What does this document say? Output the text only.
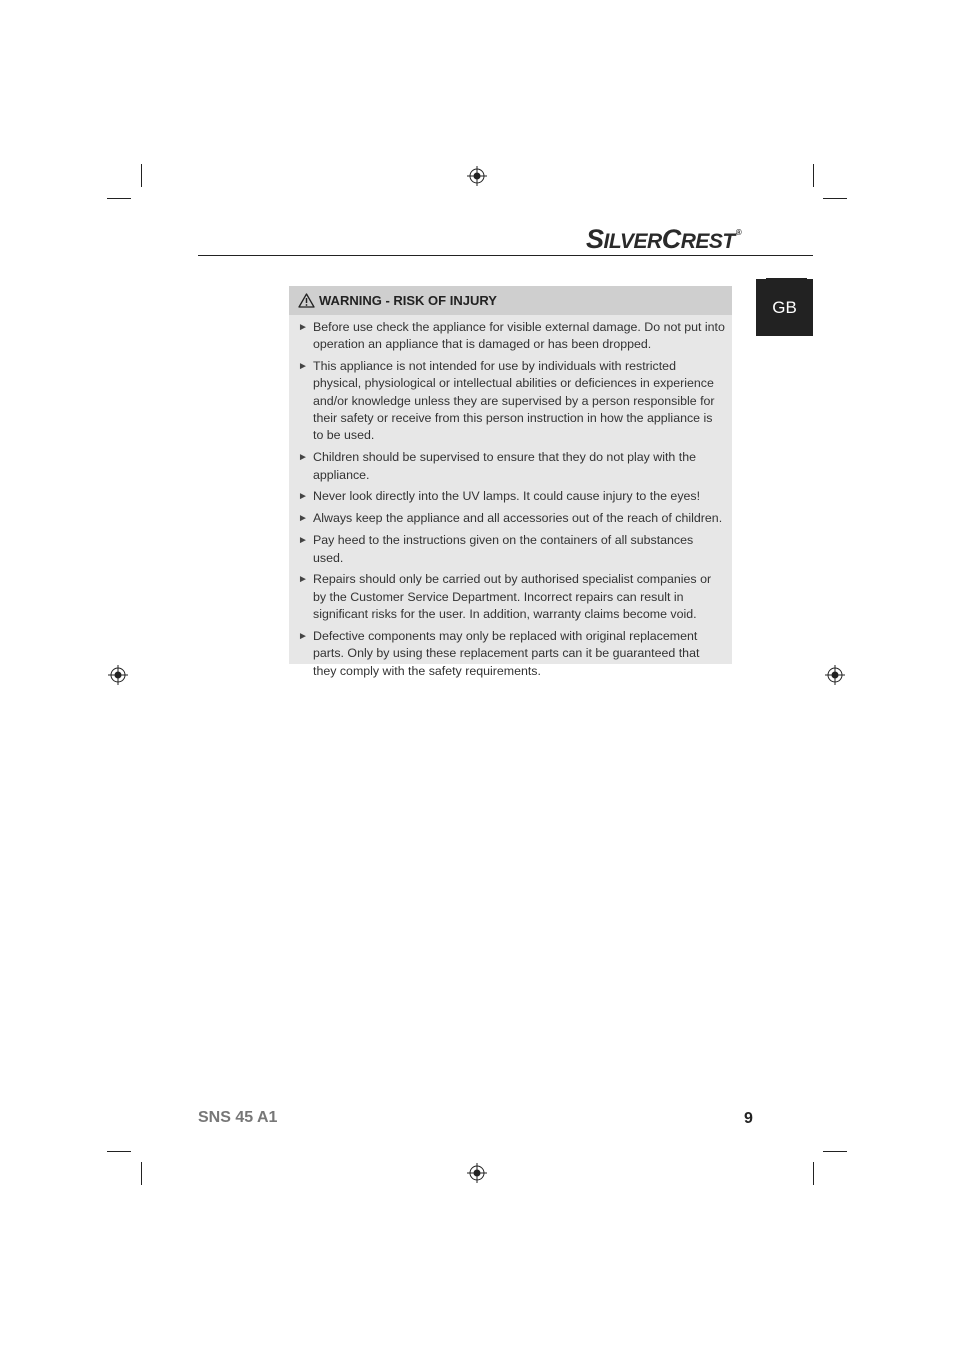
SILVERCREST®
GB
WARNING - RISK OF INJURY
► Before use check the appliance for visible external damage. Do not put into operation an appliance that is damaged or has been dropped.
► This appliance is not intended for use by individuals with restricted physical, physiological or intellectual abilities or deficiences in experience and/or knowledge unless they are supervised by a person responsible for their safety or receive from this person instruction in how the appliance is to be used.
► Children should be supervised to ensure that they do not play with the appliance.
► Never look directly into the UV lamps. It could cause injury to the eyes!
► Always keep the appliance and all accessories out of the reach of children.
► Pay heed to the instructions given on the containers of all substances used.
► Repairs should only be carried out by authorised specialist companies or by the Customer Service Department. Incorrect repairs can result in significant risks for the user. In addition, warranty claims become void.
► Defective components may only be replaced with original replacement parts. Only by using these replacement parts can it be guaranteed that they comply with the safety requirements.
SNS 45 A1	9
